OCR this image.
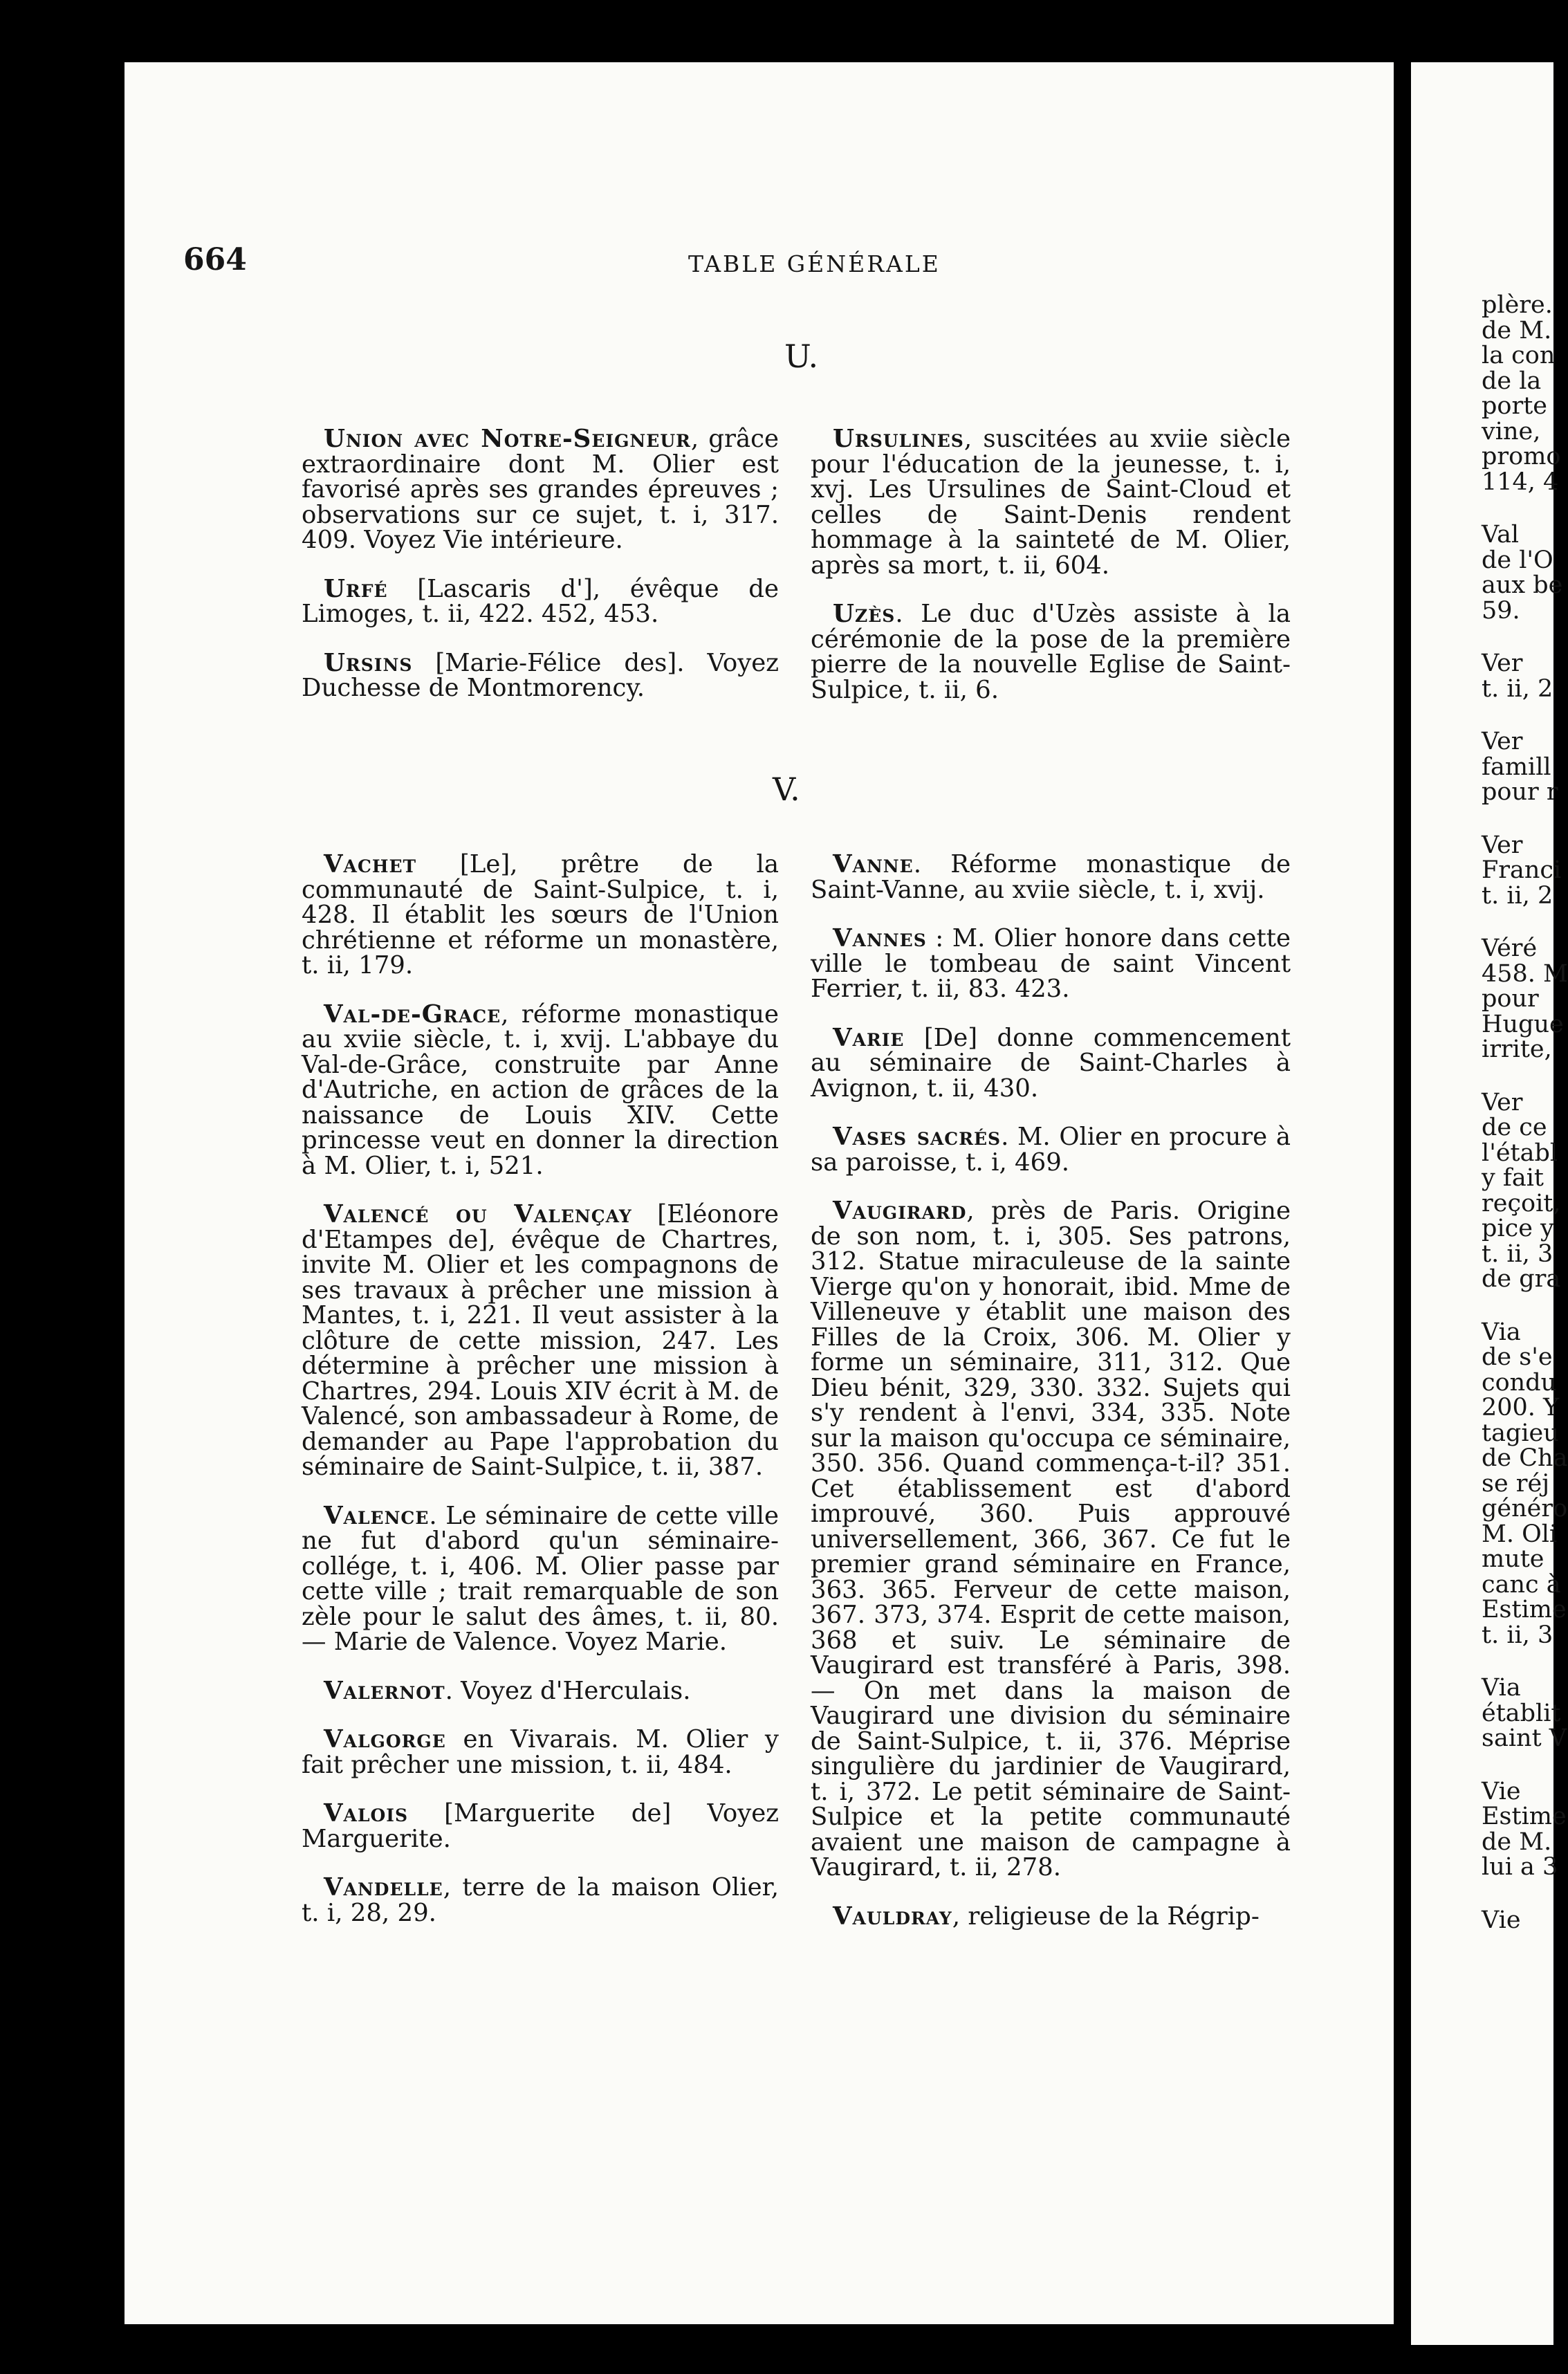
664	TABLE GÉNÉRALE
U.

Union avec Notre-Seigneur, grâce extraordinaire dont M. Olier est favorisé après ses grandes épreuves ; observations sur ce sujet, t. i, 317. 409. Voyez Vie intérieure.

Urfé [Lascaris d'], évêque de Limoges, t. ii, 422. 452, 453.

Ursins [Marie-Félice des]. Voyez Duchesse de Montmorency.

Ursulines, suscitées au xviie siècle pour l'éducation de la jeunesse, t. i, xvj. Les Ursulines de Saint-Cloud et celles de Saint-Denis rendent hommage à la sainteté de M. Olier, après sa mort, t. ii, 604.

Uzès. Le duc d'Uzès assiste à la cérémonie de la pose de la première pierre de la nouvelle Eglise de Saint-Sulpice, t. ii, 6.

V.

Vachet [Le], prêtre de la communauté de Saint-Sulpice, t. i, 428. Il établit les sœurs de l'Union chrétienne et réforme un monastère, t. ii, 179.

Val-de-Grace, réforme monastique au xviie siècle, t. i, xvij. L'abbaye du Val-de-Grâce, construite par Anne d'Autriche, en action de grâces de la naissance de Louis XIV. Cette princesse veut en donner la direction à M. Olier, t. i, 521.

Valencé ou Valençay [Eléonore d'Etampes de], évêque de Chartres, invite M. Olier et les compagnons de ses travaux à prêcher une mission à Mantes, t. i, 221. Il veut assister à la clôture de cette mission, 247. Les détermine à prêcher une mission à Chartres, 294. Louis XIV écrit à M. de Valencé, son ambassadeur à Rome, de demander au Pape l'approbation du séminaire de Saint-Sulpice, t. ii, 387.

Valence. Le séminaire de cette ville ne fut d'abord qu'un séminaire-collége, t. i, 406. M. Olier passe par cette ville ; trait remarquable de son zèle pour le salut des âmes, t. ii, 80. — Marie de Valence. Voyez Marie.

Valernot. Voyez d'Herculais.

Valgorge en Vivarais. M. Olier y fait prêcher une mission, t. ii, 484.

Valois [Marguerite de] Voyez Marguerite.

Vandelle, terre de la maison Olier, t. i, 28, 29.

Vanne. Réforme monastique de Saint-Vanne, au xviie siècle, t. i, xvij.

Vannes : M. Olier honore dans cette ville le tombeau de saint Vincent Ferrier, t. ii, 83. 423.

Varie [De] donne commencement au séminaire de Saint-Charles à Avignon, t. ii, 430.

Vases sacrés. M. Olier en procure à sa paroisse, t. i, 469.

Vaugirard, près de Paris. Origine de son nom, t. i, 305. Ses patrons, 312. Statue miraculeuse de la sainte Vierge qu'on y honorait, ibid. Mme de Villeneuve y établit une maison des Filles de la Croix, 306. M. Olier y forme un séminaire, 311, 312. Que Dieu bénit, 329, 330. 332. Sujets qui s'y rendent à l'envi, 334, 335. Note sur la maison qu'occupa ce séminaire, 350. 356. Quand commença-t-il? 351. Cet établissement est d'abord improuvé, 360. Puis approuvé universellement, 366, 367. Ce fut le premier grand séminaire en France, 363. 365. Ferveur de cette maison, 367. 373, 374. Esprit de cette maison, 368 et suiv. Le séminaire de Vaugirard est transféré à Paris, 398. — On met dans la maison de Vaugirard une division du séminaire de Saint-Sulpice, t. ii, 376. Méprise singulière du jardinier de Vaugirard, t. i, 372. Le petit séminaire de Saint-Sulpice et la petite communauté avaient une maison de campagne à Vaugirard, t. ii, 278.

Vauldray, religieuse de la Régrip-

plère.
de M.
la con
de la
porte
vine,
promo
114, 4
Val
de l'O
aux be
59.
Ver
t. ii, 2
Ver
famill
pour r
Ver
Franci
t. ii, 2
Véré
458. M
pour
Hugue
irrite,
Ver
de ce
l'établ
y fait
reçoit,
pice y
t. ii, 3
de gra
Via
de s'e
condu
200. Y
tagieu
de Cha
se réj
généro
M. Oli
mute
canc à
Estime
t. ii, 3
Via
établit
saint V
Vie
Estime
de M.
lui a 3
Vie
